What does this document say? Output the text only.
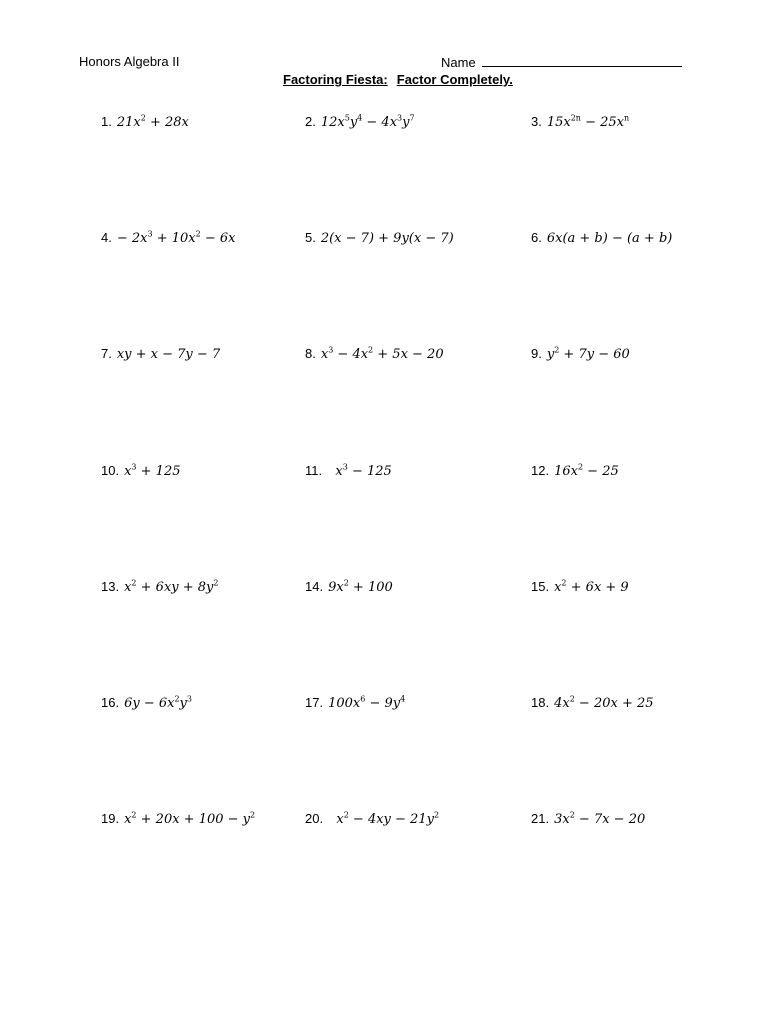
Honors Algebra II	Name
Factoring Fiesta: Factor Completely.
1. $21x^2 + 28x$	2. $12x^5y^4 - 4x^3y^7$	3. $15x^{2n} - 25x^n$
4. − $2x^3 + 10x^2 - 6x$	5. 2(x − 7) + 9y(x − 7)	6. 6x(a + b) − (a + b)
7. xy + x − 7y − 7	8. $x^3 - 4x^2 + 5x - 20$	9. $y^2 + 7y - 60$
10. $x^3 + 125$	11.  $x^3 - 125$	12. $16x^2 - 25$
13. $x^2 + 6xy + 8y^2$	14. $9x^2 + 100$	15. $x^2 + 6x + 9$
16. $6y - 6x^2y^3$	17. $100x^6 - 9y^4$	18. $4x^2 - 20x + 25$
19. $x^2 + 20x + 100 - y^2$	20.  $x^2 - 4xy - 21y^2$	21. $3x^2 - 7x - 20$
